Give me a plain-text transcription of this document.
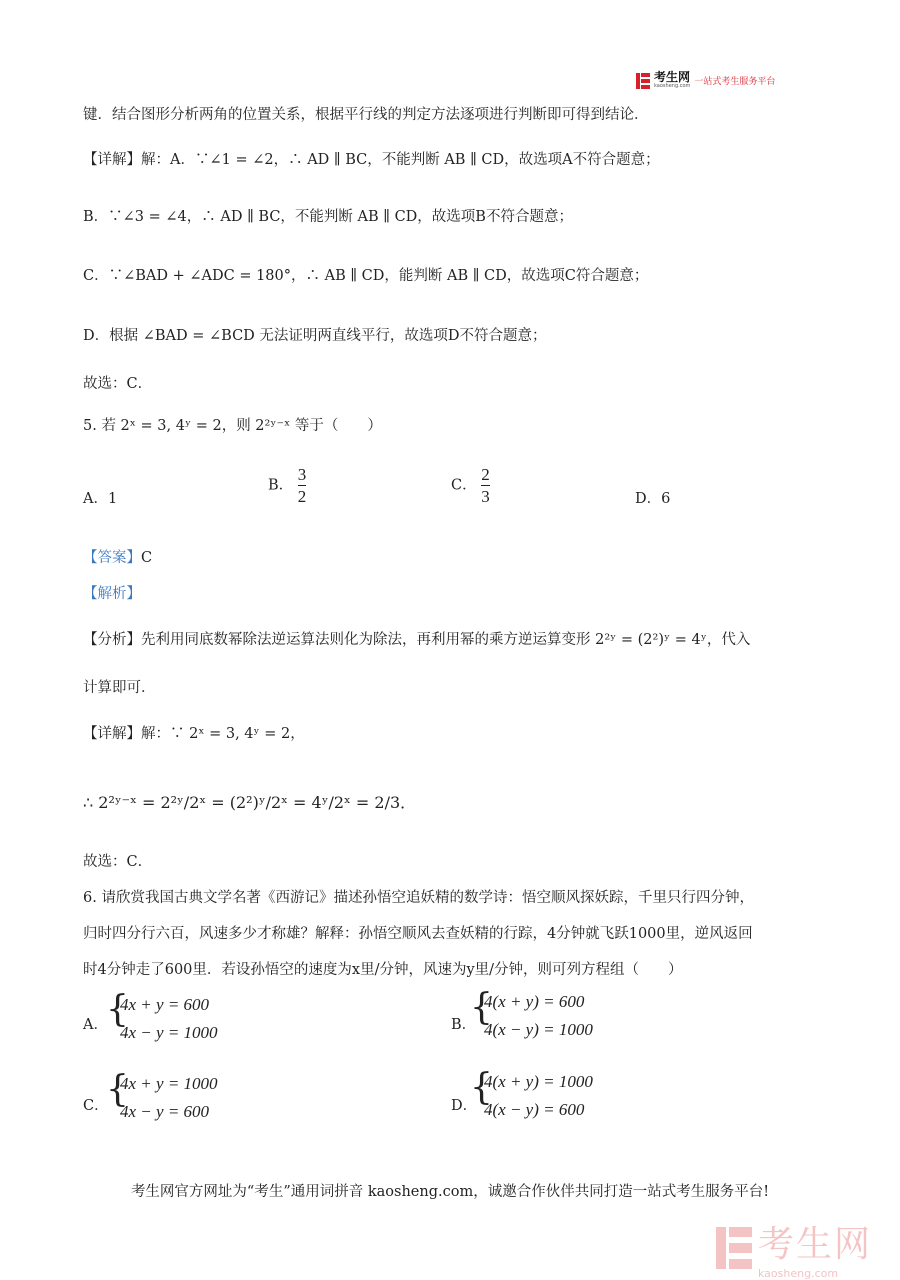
考生网
kaosheng.com 一站式考生服务平台
键．结合图形分析两角的位置关系，根据平行线的判定方法逐项进行判断即可得到结论．
【详解】解：A．∵∠1 = ∠2，∴ AD ∥ BC，不能判断 AB ∥ CD，故选项A不符合题意；
B．∵∠3 = ∠4，∴ AD ∥ BC，不能判断 AB ∥ CD，故选项B不符合题意；
C．∵∠BAD + ∠ADC = 180°，∴ AB ∥ CD，能判断 AB ∥ CD，故选项C符合题意；
D．根据 ∠BAD = ∠BCD 无法证明两直线平行，故选项D不符合题意；
故选：C．
5. 若 2ˣ = 3, 4ʸ = 2，则 2²ʸ⁻ˣ 等于（　　）
A．1
B． $\frac{3}{2}$	C． $\frac{2}{3}$	D．6
【答案】C
【解析】
【分析】先利用同底数幂除法逆运算法则化为除法，再利用幂的乘方逆运算变形 2²ʸ = (2²)ʸ = 4ʸ，代入
计算即可．
【详解】解：∵ 2ˣ = 3, 4ʸ = 2，
∴ 2²ʸ⁻ˣ = 2²ʸ/2ˣ = (2²)ʸ/2ˣ = 4ʸ/2ˣ = 2/3．
故选：C．
6. 请欣赏我国古典文学名著《西游记》描述孙悟空追妖精的数学诗：悟空顺风探妖踪，千里只行四分钟，
归时四分行六百，风速多少才称雄？解释：孙悟空顺风去查妖精的行踪，4分钟就飞跃1000里，逆风返回
时4分钟走了600里．若设孙悟空的速度为x里/分钟，风速为y里/分钟，则可列方程组（　　）
A．
{
4x + y = 600
4x − y = 1000	B．
{
4(x + y) = 600
4(x − y) = 1000
C．
{
4x + y = 1000
4x − y = 600	D．
{
4(x + y) = 1000
4(x − y) = 600
考生网官方网址为“考生”通用词拼音 kaosheng.com，诚邀合作伙伴共同打造一站式考生服务平台!
考生网
kaosheng.com
